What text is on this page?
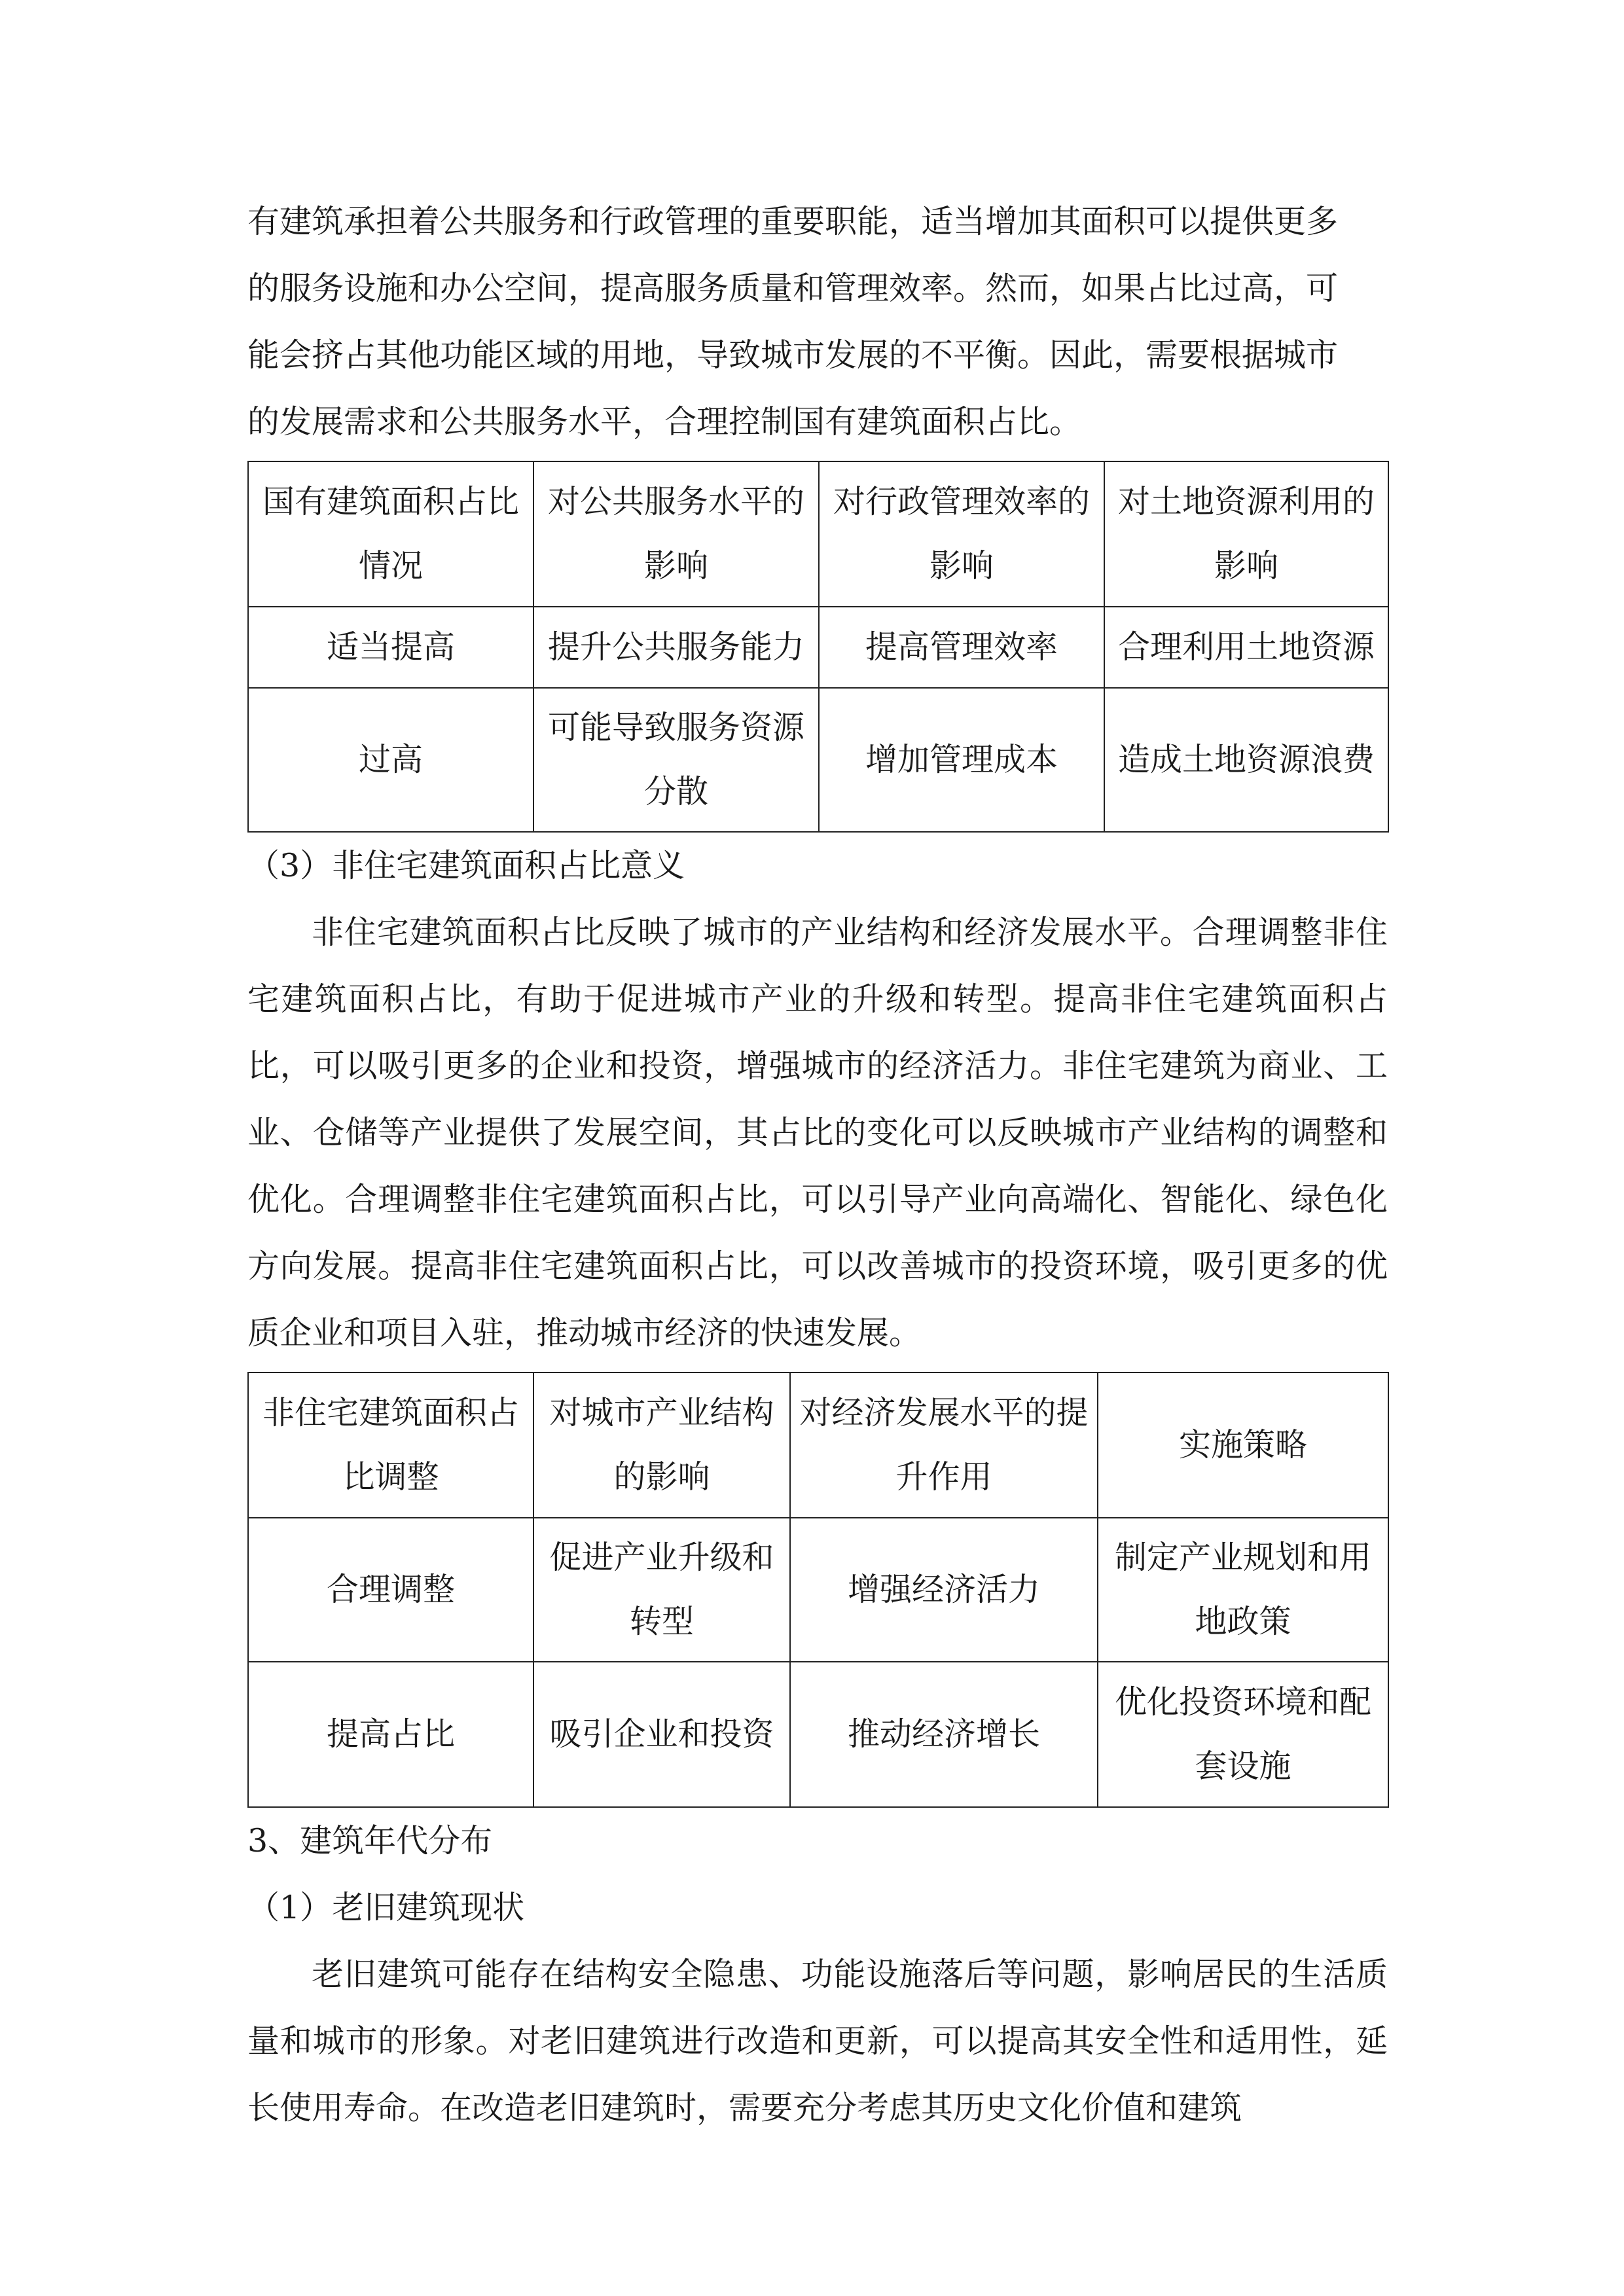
有建筑承担着公共服务和行政管理的重要职能，适当增加其面积可以提供更多

的服务设施和办公空间，提高服务质量和管理效率。然而，如果占比过高，可

能会挤占其他功能区域的用地，导致城市发展的不平衡。因此，需要根据城市

的发展需求和公共服务水平，合理控制国有建筑面积占比。

国有建筑面积占比情况	对公共服务水平的影响	对行政管理效率的影响	对土地资源利用的影响
适当提高	提升公共服务能力	提高管理效率	合理利用土地资源
过高	可能导致服务资源分散	增加管理成本	造成土地资源浪费

（3）非住宅建筑面积占比意义

非住宅建筑面积占比反映了城市的产业结构和经济发展水平。合理调整非住宅建筑面积占比，有助于促进城市产业的升级和转型。提高非住宅建筑面积占比，可以吸引更多的企业和投资，增强城市的经济活力。非住宅建筑为商业、工业、仓储等产业提供了发展空间，其占比的变化可以反映城市产业结构的调整和优化。合理调整非住宅建筑面积占比，可以引导产业向高端化、智能化、绿色化方向发展。提高非住宅建筑面积占比，可以改善城市的投资环境，吸引更多的优质企业和项目入驻，推动城市经济的快速发展。

非住宅建筑面积占比调整	对城市产业结构的影响	对经济发展水平的提升作用	实施策略
合理调整	促进产业升级和转型	增强经济活力	制定产业规划和用地政策
提高占比	吸引企业和投资	推动经济增长	优化投资环境和配套设施

3、建筑年代分布

（1）老旧建筑现状

老旧建筑可能存在结构安全隐患、功能设施落后等问题，影响居民的生活质量和城市的形象。对老旧建筑进行改造和更新，可以提高其安全性和适用性，延长使用寿命。在改造老旧建筑时，需要充分考虑其历史文化价值和建筑
